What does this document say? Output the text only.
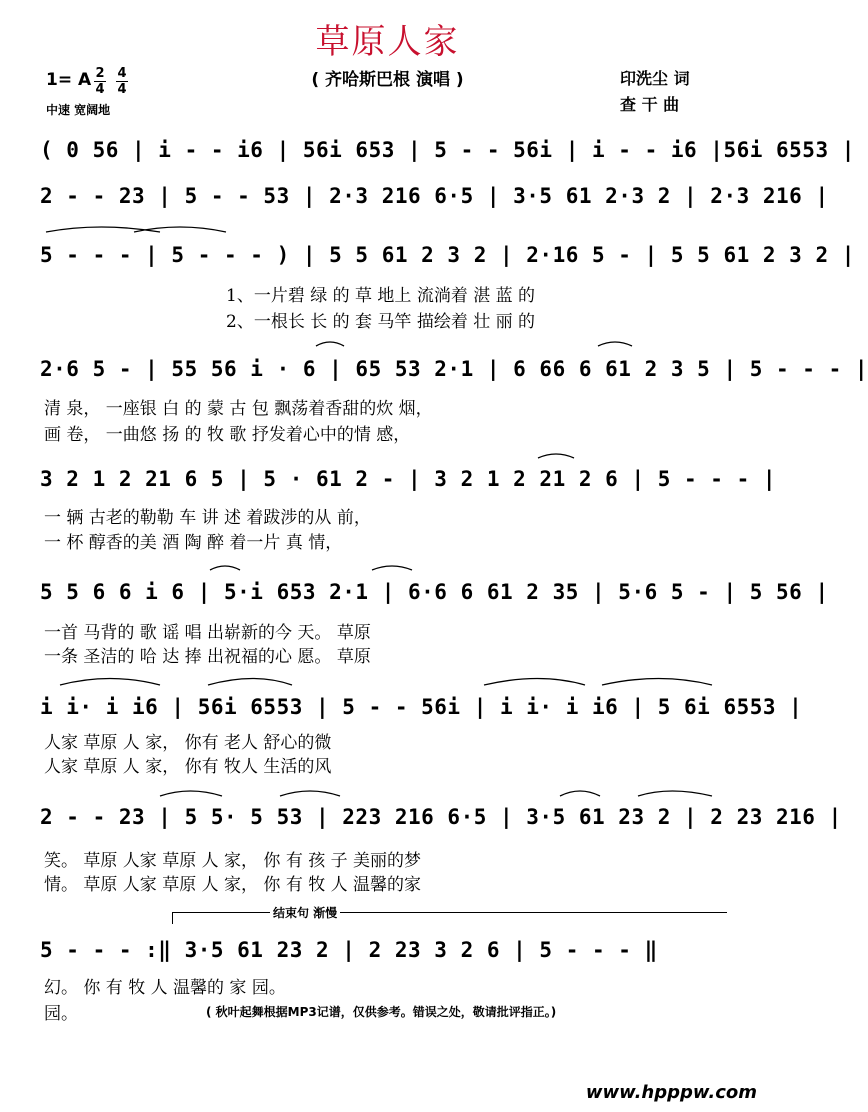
草原人家
( 齐哈斯巴根 演唱 )
1= A 2
4
4
4
中速 宽阔地
印洗尘 词
查 干 曲
( 0 56 | i - - i6 | 56i 653 | 5 - - 56i | i - - i6 |56i 6553 |
2 - - 23 | 5 - - 53 | 2·3 216 6·5 | 3·5 61 2·3 2 | 2·3 216 |
5 - - - | 5 - - - ) | 5 5 61 2 3 2 | 2·16 5 - | 5 5 61 2 3 2 |
1、一片碧 绿 的 草 地上 流淌着 湛 蓝 的
2、一根长 长 的 套 马竿 描绘着 壮 丽 的
2·6 5 - | 55 56 i · 6 | 65 53 2·1 | 6 66 6 61 2 3 5 | 5 - - - |
清 泉， 一座银 白 的 蒙 古 包 飘荡着香甜的炊 烟，
画 卷， 一曲悠 扬 的 牧 歌 抒发着心中的情 感，
3 2 1 2 21 6 5 | 5 · 61 2 - | 3 2 1 2 21 2 6 | 5 - - - |
一 辆 古老的勒勒 车 讲 述 着跋涉的从 前，
一 杯 醇香的美 酒 陶 醉 着一片 真 情，
5 5 6 6 i 6 | 5·i 653 2·1 | 6·6 6 61 2 35 | 5·6 5 - | 5 56 |
一首 马背的 歌 谣 唱 出崭新的今 天。 草原
一条 圣洁的 哈 达 捧 出祝福的心 愿。 草原
i i· i i6 | 56i 6553 | 5 - - 56i | i i· i i6 | 5 6i 6553 |
人家 草原 人 家， 你有 老人 舒心的微
人家 草原 人 家， 你有 牧人 生活的风
2 - - 23 | 5 5· 5 53 | 223 216 6·5 | 3·5 61 23 2 | 2 23 216 |
笑。 草原 人家 草原 人 家， 你 有 孩 子 美丽的梦
情。 草原 人家 草原 人 家， 你 有 牧 人 温馨的家
结束句 渐慢
5 - - - :‖ 3·5 61 23 2 | 2 23 3 2 6 | 5 - - - ‖
幻。 你 有 牧 人 温馨的 家 园。
园。	( 秋叶起舞根据MP3记谱，仅供参考。错误之处，敬请批评指正。)
www.hpppw.com
